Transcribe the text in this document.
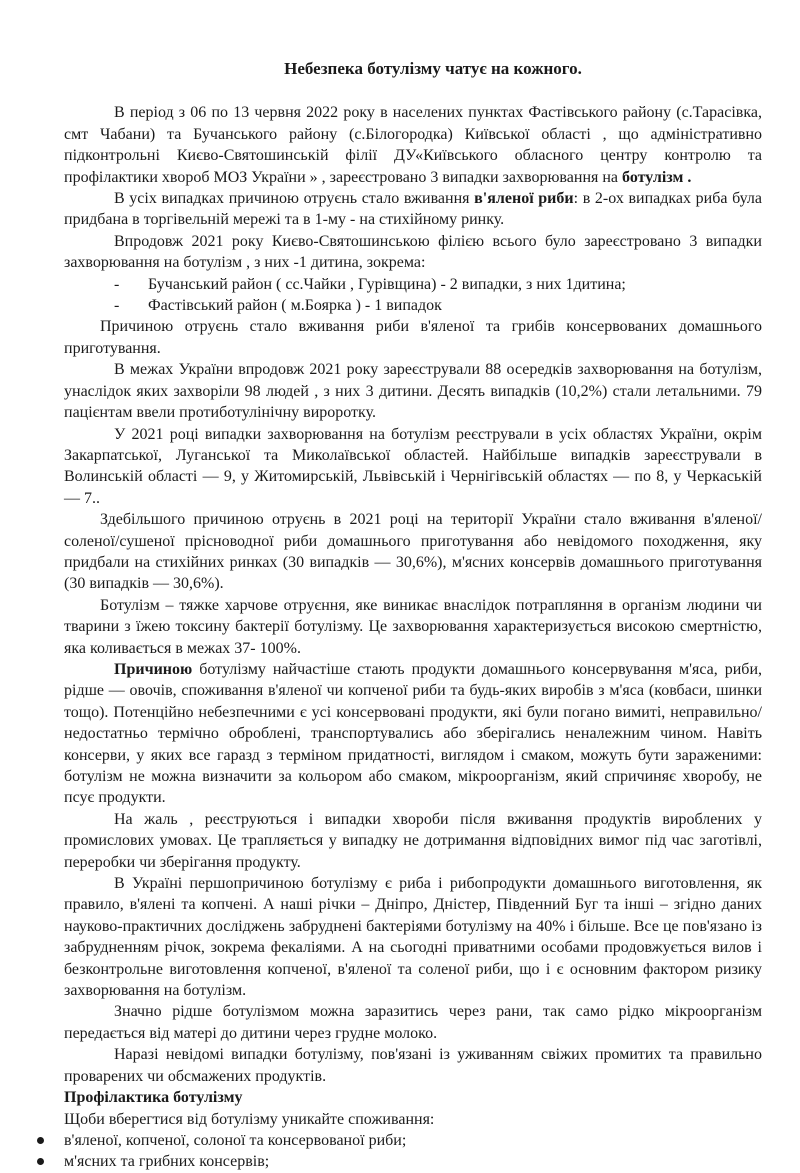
Небезпека ботулізму чатує на кожного.

В період з 06 по 13 червня 2022 року в населених пунктах Фастівського району (с.Тарасівка, смт Чабани) та Бучанського району (с.Білогородка) Київської області , що адміністративно підконтрольні Києво-Святошинській філії ДУ«Київського обласного центру контролю та профілактики хвороб МОЗ України » , зареєстровано 3 випадки захворювання на ботулізм .

В усіх випадках причиною отруєнь стало вживання в'яленої риби: в 2-ох випадках риба була придбана в торгівельній мережі та в 1-му - на стихійному ринку.

Впродовж 2021 року Києво-Святошинською філією всього було зареєстровано 3 випадки захворювання на ботулізм , з них -1 дитина, зокрема:

- Бучанський район ( сс.Чайки , Гурівщина) - 2 випадки, з них 1дитина;
- Фастівський район ( м.Боярка ) - 1 випадок

Причиною отруєнь стало вживання риби в'яленої та грибів консервованих домашнього приготування.

В межах України впродовж 2021 року зареєстрували 88 осередків захворювання на ботулізм, унаслідок яких захворіли 98 людей , з них 3 дитини. Десять випадків (10,2%) стали летальними. 79 пацієнтам ввели протиботулінічну вироротку.

У 2021 році випадки захворювання на ботулізм реєстрували в усіх областях України, окрім Закарпатської, Луганської та Миколаївської областей. Найбільше випадків зареєстрували в Волинській області — 9, у Житомирській, Львівській і Чернігівській областях — по 8, у Черкаській — 7..

Здебільшого причиною отруєнь в 2021 році на території України стало вживання в'яленої/соленої/сушеної прісноводної риби домашнього приготування або невідомого походження, яку придбали на стихійних ринках (30 випадків — 30,6%), м'ясних консервів домашнього приготування (30 випадків — 30,6%).

Ботулізм – тяжке харчове отруєння, яке виникає внаслідок потрапляння в організм людини чи тварини з їжею токсину бактерії ботулізму. Це захворювання характеризується високою смертністю, яка коливається в межах 37- 100%.

Причиною ботулізму найчастіше стають продукти домашнього консервування м'яса, риби, рідше — овочів, споживання в'яленої чи копченої риби та будь-яких виробів з м'яса (ковбаси, шинки тощо). Потенційно небезпечними є усі консервовані продукти, які були погано вимиті, неправильно/недостатньо термічно оброблені, транспортувались або зберігались неналежним чином. Навіть консерви, у яких все гаразд з терміном придатності, виглядом і смаком, можуть бути зараженими: ботулізм не можна визначити за кольором або смаком, мікроорганізм, який спричиняє хворобу, не псує продукти.

На жаль , реєструються і випадки хвороби після вживання продуктів вироблених у промислових умовах. Це трапляється у випадку не дотримання відповідних вимог під час заготівлі, переробки чи зберігання продукту.

В Україні першопричиною ботулізму є риба і рибопродукти домашнього виготовлення, як правило, в'ялені та копчені. А наші річки – Дніпро, Дністер, Південний Буг та інші – згідно даних науково-практичних досліджень забруднені бактеріями ботулізму на 40% і більше. Все це пов'язано із забрудненням річок, зокрема фекаліями. А на сьогодні приватними особами продовжується вилов і безконтрольне виготовлення копченої, в'яленої та соленої риби, що і є основним фактором ризику захворювання на ботулізм.

Значно рідше ботулізмом можна заразитись через рани, так само рідко мікроорганізм передається від матері до дитини через грудне молоко.

Наразі невідомі випадки ботулізму, пов'язані із уживанням свіжих промитих та правильно проварених чи обсмажених продуктів.

Профілактика ботулізму

Щоби вберегтися від ботулізму уникайте споживання:

в'яленої, копченої, солоної та консервованої риби;
м'ясних та грибних консервів;
